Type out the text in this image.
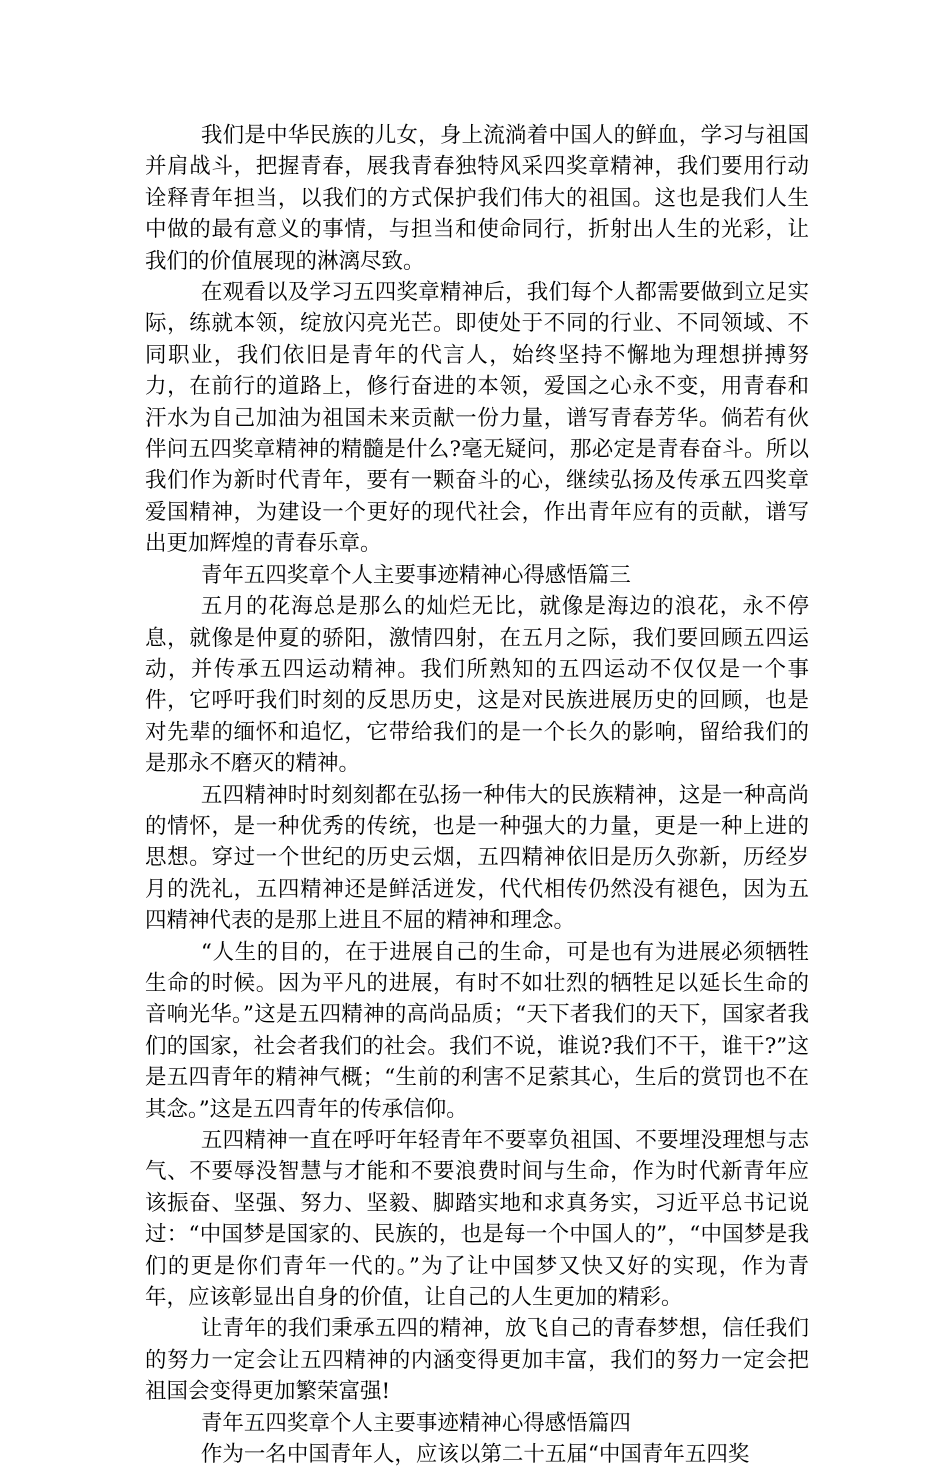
我们是中华民族的儿女，身上流淌着中国人的鲜血，学习与祖国并肩战斗，把握青春，展我青春独特风采四奖章精神，我们要用行动诠释青年担当，以我们的方式保护我们伟大的祖国。这也是我们人生中做的最有意义的事情，与担当和使命同行，折射出人生的光彩，让我们的价值展现的淋漓尽致。

在观看以及学习五四奖章精神后，我们每个人都需要做到立足实际，练就本领，绽放闪亮光芒。即使处于不同的行业、不同领域、不同职业，我们依旧是青年的代言人，始终坚持不懈地为理想拼搏努力，在前行的道路上，修行奋进的本领，爱国之心永不变，用青春和汗水为自己加油为祖国未来贡献一份力量，谱写青春芳华。倘若有伙伴问五四奖章精神的精髓是什么?毫无疑问，那必定是青春奋斗。所以我们作为新时代青年，要有一颗奋斗的心，继续弘扬及传承五四奖章爱国精神，为建设一个更好的现代社会，作出青年应有的贡献，谱写出更加辉煌的青春乐章。

青年五四奖章个人主要事迹精神心得感悟篇三

五月的花海总是那么的灿烂无比，就像是海边的浪花，永不停息，就像是仲夏的骄阳，激情四射，在五月之际，我们要回顾五四运动，并传承五四运动精神。我们所熟知的五四运动不仅仅是一个事件，它呼吁我们时刻的反思历史，这是对民族进展历史的回顾，也是对先辈的缅怀和追忆，它带给我们的是一个长久的影响，留给我们的是那永不磨灭的精神。

五四精神时时刻刻都在弘扬一种伟大的民族精神，这是一种高尚的情怀，是一种优秀的传统，也是一种强大的力量，更是一种上进的思想。穿过一个世纪的历史云烟，五四精神依旧是历久弥新，历经岁月的洗礼，五四精神还是鲜活迸发，代代相传仍然没有褪色，因为五四精神代表的是那上进且不屈的精神和理念。

“人生的目的，在于进展自己的生命，可是也有为进展必须牺牲生命的时候。因为平凡的进展，有时不如壮烈的牺牲足以延长生命的音响光华。”这是五四精神的高尚品质；“天下者我们的天下，国家者我们的国家，社会者我们的社会。我们不说，谁说?我们不干，谁干?”这是五四青年的精神气概；“生前的利害不足萦其心，生后的赏罚也不在其念。”这是五四青年的传承信仰。

五四精神一直在呼吁年轻青年不要辜负祖国、不要埋没理想与志气、不要辱没智慧与才能和不要浪费时间与生命，作为时代新青年应该振奋、坚强、努力、坚毅、脚踏实地和求真务实，习近平总书记说过：“中国梦是国家的、民族的，也是每一个中国人的”，“中国梦是我们的更是你们青年一代的。”为了让中国梦又快又好的实现，作为青年，应该彰显出自身的价值，让自己的人生更加的精彩。

让青年的我们秉承五四的精神，放飞自己的青春梦想，信任我们的努力一定会让五四精神的内涵变得更加丰富，我们的努力一定会把祖国会变得更加繁荣富强!

青年五四奖章个人主要事迹精神心得感悟篇四

作为一名中国青年人，应该以第二十五届“中国青年五四奖
